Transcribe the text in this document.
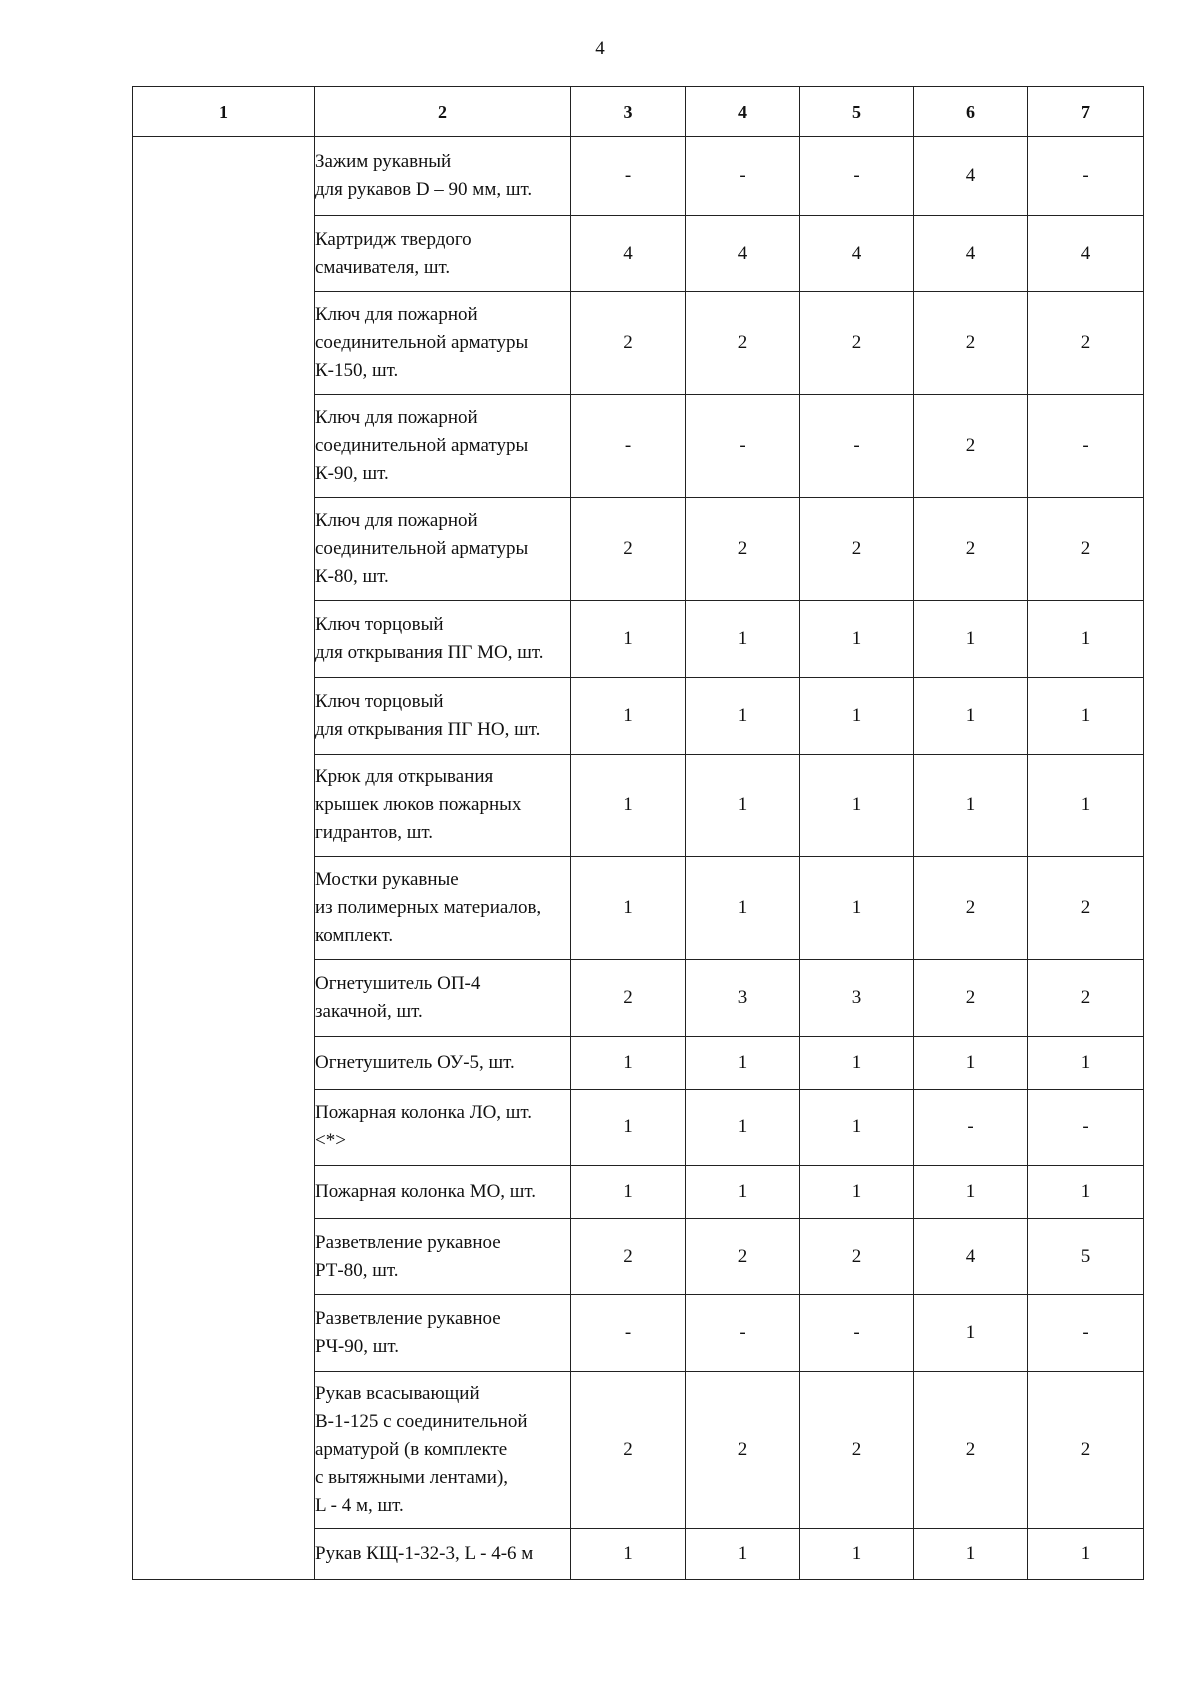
4
1	2	3	4	5	6	7

	Зажим рукавный
для рукавов D – 90 мм, шт.	-	-	-	4	-

	Картридж твердого
смачивателя, шт.	4	4	4	4	4

	Ключ для пожарной
соединительной арматуры
К-150, шт.	2	2	2	2	2

	Ключ для пожарной
соединительной арматуры
К-90, шт.	-	-	-	2	-

	Ключ для пожарной
соединительной арматуры
К-80, шт.	2	2	2	2	2

	Ключ торцовый
для открывания ПГ МО, шт.	1	1	1	1	1

	Ключ торцовый
для открывания ПГ НО, шт.	1	1	1	1	1

	Крюк для открывания
крышек люков пожарных
гидрантов, шт.	1	1	1	1	1

	Мостки рукавные
из полимерных материалов,
комплект.	1	1	1	2	2

	Огнетушитель ОП-4
закачной, шт.	2	3	3	2	2

	Огнетушитель ОУ-5, шт.	1	1	1	1	1

	Пожарная колонка ЛО, шт.
<*>	1	1	1	-	-

	Пожарная колонка МО, шт.	1	1	1	1	1

	Разветвление рукавное
РТ-80, шт.	2	2	2	4	5

	Разветвление рукавное
РЧ-90, шт.	-	-	-	1	-

	Рукав всасывающий
В-1-125 с соединительной
арматурой (в комплекте
с вытяжными лентами),
L - 4 м, шт.	2	2	2	2	2

	Рукав КЩ-1-32-3, L - 4-6 м	1	1	1	1	1
